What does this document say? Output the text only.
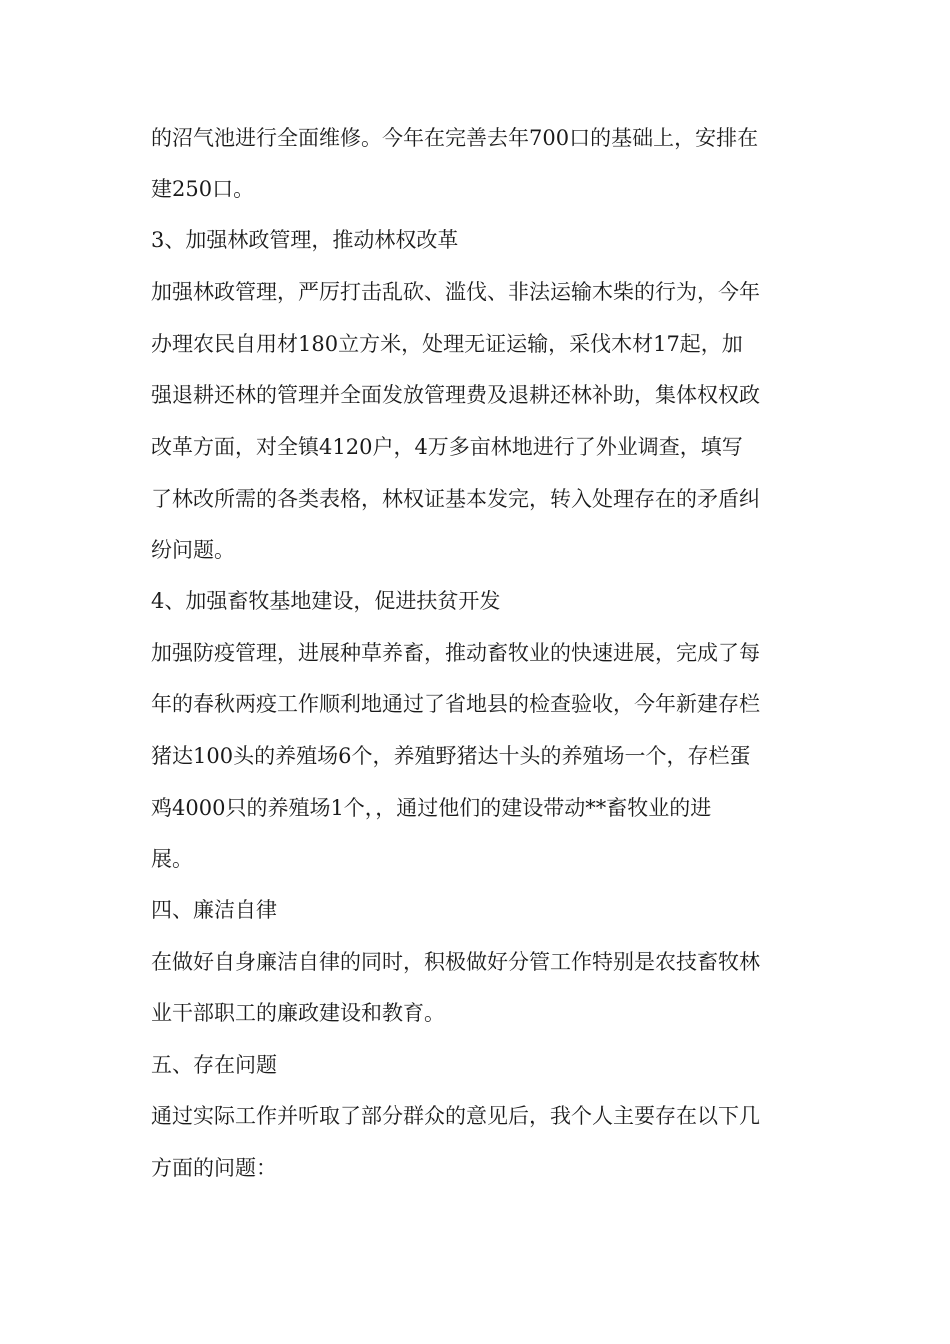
的沼气池进行全面维修。今年在完善去年700口的基础上，安排在

建250口。

3、加强林政管理，推动林权改革

加强林政管理，严厉打击乱砍、滥伐、非法运输木柴的行为，今年

办理农民自用材180立方米，处理无证运输，采伐木材17起，加

强退耕还林的管理并全面发放管理费及退耕还林补助，集体权权政

改革方面，对全镇4120户，4万多亩林地进行了外业调查，填写

了林改所需的各类表格，林权证基本发完，转入处理存在的矛盾纠

纷问题。

4、加强畜牧基地建设，促进扶贫开发

加强防疫管理，进展种草养畜，推动畜牧业的快速进展，完成了每

年的春秋两疫工作顺利地通过了省地县的检查验收，今年新建存栏

猪达100头的养殖场6个，养殖野猪达十头的养殖场一个，存栏蛋

鸡4000只的养殖场1个，，通过他们的建设带动**畜牧业的进

展。

四、廉洁自律

在做好自身廉洁自律的同时，积极做好分管工作特别是农技畜牧林

业干部职工的廉政建设和教育。

五、存在问题

通过实际工作并听取了部分群众的意见后，我个人主要存在以下几

方面的问题：
